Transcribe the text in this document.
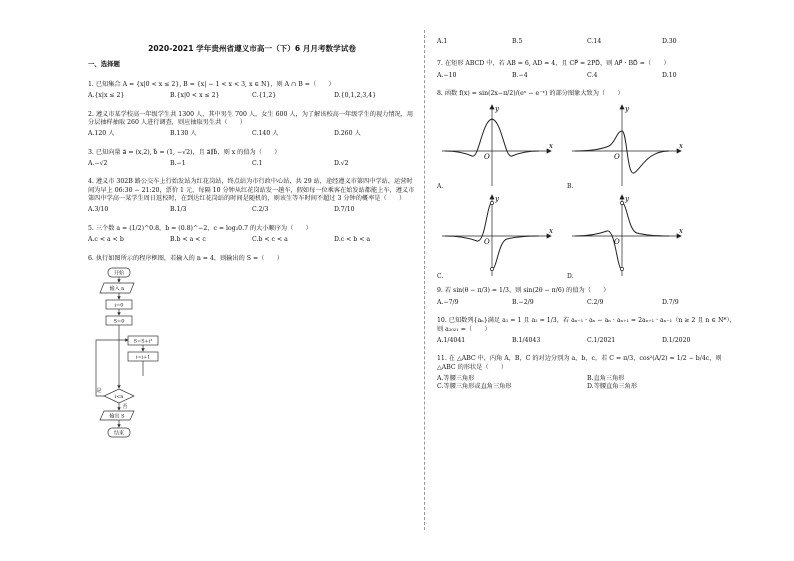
2020-2021 学年贵州省遵义市高一（下）6 月月考数学试卷
一、选择题
1. 已知集合 A = {x|0 < x ≤ 2}, B = {x| − 1 < x < 3, x ∈ N}，则 A ∩ B =（　　）
A.{x|x ≤ 2}	B.{x|0 < x ≤ 2}	C.{1,2}	D.{0,1,2,3,4}
2. 遵义市某学校高一年级学生共 1300 人，其中男生 700 人，女生 600 人，为了解该校高一年级学生的视力情况，用分层抽样抽取 260 人进行调查，则应抽取男生共（　　）
A.120 人	B.130 人	C.140 人	D.260 人
3. 已知向量 a⃗ = (x,2), b⃗ = (1, −√2)，且 a⃗∥b⃗，则 x 的值为（　　）
A.−√2	B.−1	C.1	D.√2
4. 遵义市 302B 路公交车上行始发站为红花岗站，终点站为市行政中心站，共 29 站，途经遵义市第四中学站，运营时间为早上 06:30 − 21:20，票价 1 元，每隔 10 分钟从红花岗站发一趟车，假如每一位乘客在始发站都能上车，遵义市第四中学高一某学生周日返校时，在到达红花岗站的时间是随机的，则该生等车时间不超过 3 分钟的概率是（　　）
A.3/10	B.1/3	C.2/3	D.7/10
5. 三个数 a = (1/2)^0.8，b = (0.8)^−2，c = log₂0.7 的大小顺序为（　　）
A.c < a < b	B.b < a < c	C.b < c < a	D.c < b < a
6. 执行如图所示的程序框图，若输入的 n = 4，则输出的 S =（　　）
开始
输入 n
i=0
S=0
S=S+i²
i=i+1
i<n
是
否
输出 S
结束
A.1	B.5	C.14	D.30
7. 在矩形 ABCD 中，若 AB = 6, AD = 4，且 CP⃗ = 2PD⃗，则 AP⃗ · BD⃗ =（　　）
A.−10	B.−4	C.4	D.10
8. 函数 f(x) = sin(2x−π/2)/(eˣ − e⁻ˣ) 的部分图象大致为（　　）
y
x
O
A.
y
x
O
B.
y
x
O
C.
y
x
O
D.
9. 若 sin(θ − π/3) = 1/3，则 sin(2θ − π/6) 的值为（　　）
A.−7/9	B.−2/9	C.2/9	D.7/9
10. 已知数列{aₙ}满足 a₁ = 1 且 a₂ = 1/3，若 aₙ₋₁ · aₙ − aₙ · aₙ₊₁ = 2aₙ₊₁ · aₙ₋₁（n ≥ 2 且 n ∈ N*），则 a₂₀₂₁ =（　　）
A.1/4041	B.1/4043	C.1/2021	D.1/2020
11. 在 △ABC 中，内角 A，B，C 的对边分别为 a，b，c，若 C = π/3，cos²(A/2) = 1/2 − b/4c，则 △ABC 的形状是（　　）
A.等腰三角形	B.直角三角形
C.等腰三角形或直角三角形	D.等腰直角三角形
